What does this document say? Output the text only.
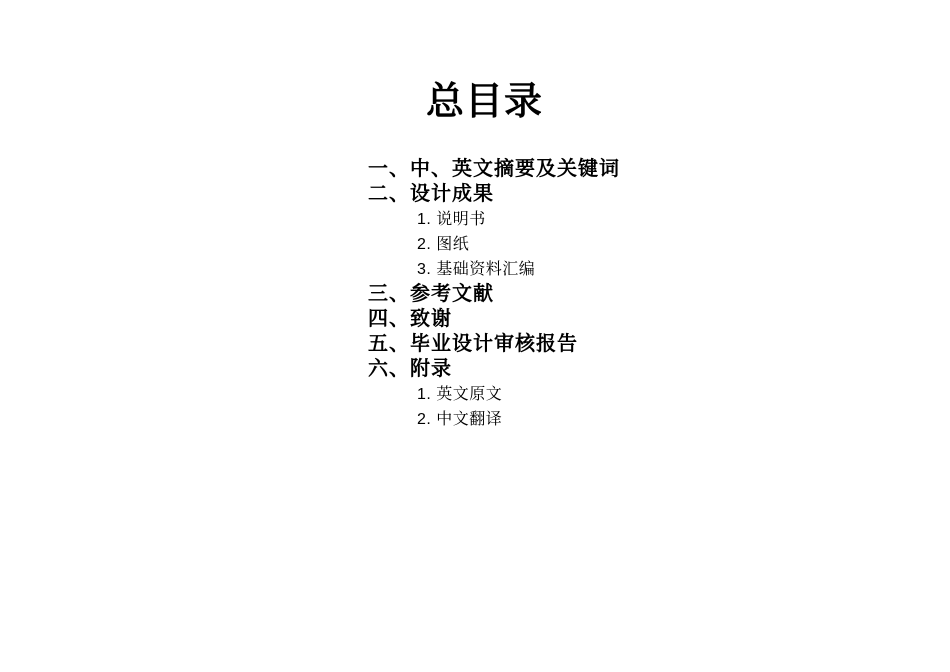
总目录
一、中、英文摘要及关键词
二、设计成果
1. 说明书
2. 图纸
3. 基础资料汇编
三、参考文献
四、致谢
五、毕业设计审核报告
六、附录
1. 英文原文
2. 中文翻译
